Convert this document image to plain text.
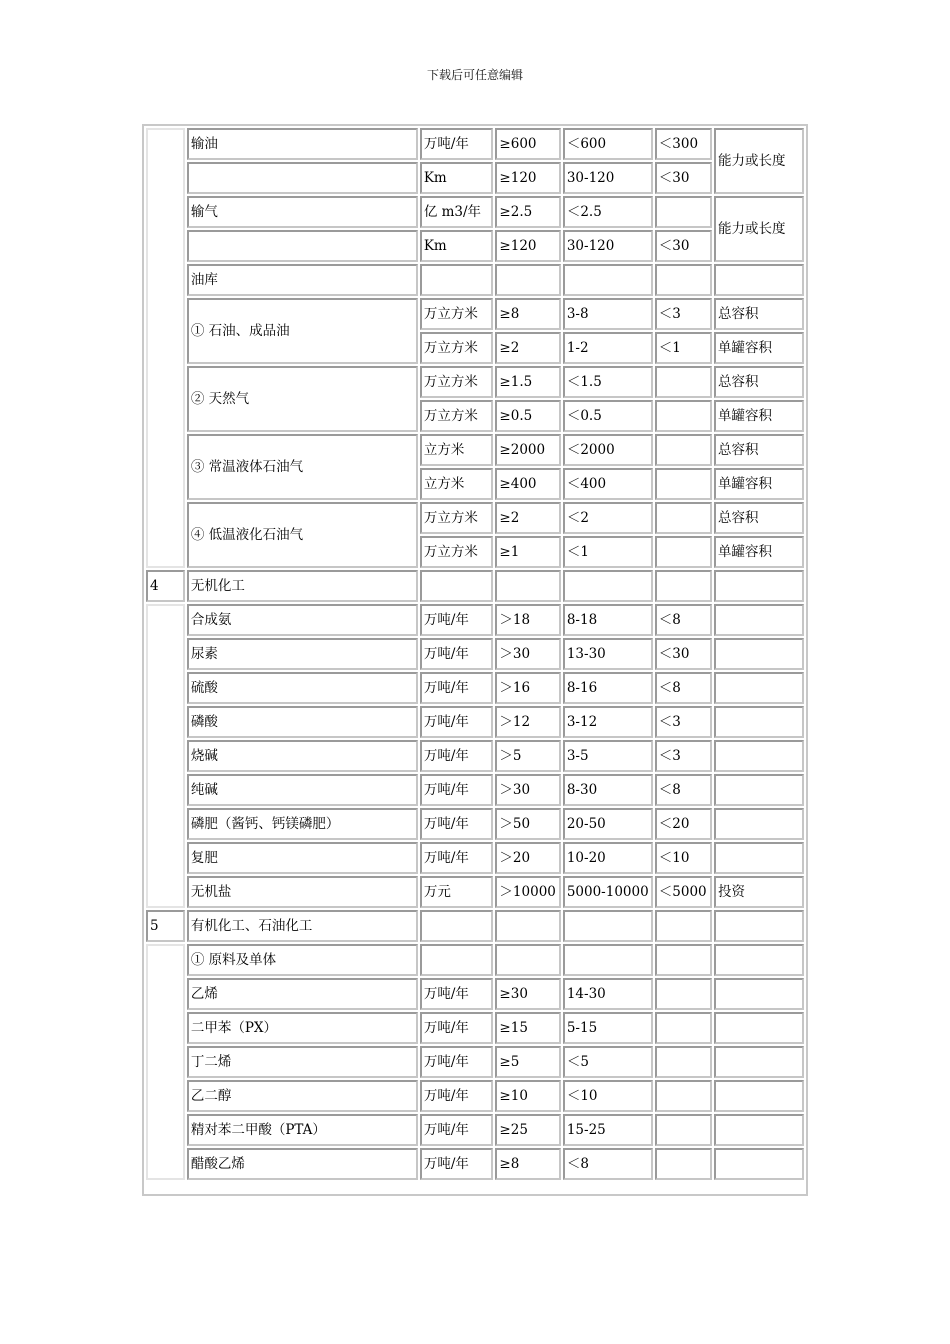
下载后可任意编辑
	输油	万吨/年	≥600	＜600	＜300	能力或长度
		Km	≥120	30-120	＜30	
	输气	亿 m3/年	≥2.5	＜2.5		能力或长度
		Km	≥120	30-120	＜30	
	油库					
	① 石油、成品油	万立方米	≥8	3-8	＜3	总容积
		万立方米	≥2	1-2	＜1	单罐容积
	② 天然气	万立方米	≥1.5	＜1.5		总容积
		万立方米	≥0.5	＜0.5		单罐容积
	③ 常温液体石油气	立方米	≥2000	＜2000		总容积
		立方米	≥400	＜400		单罐容积
	④ 低温液化石油气	万立方米	≥2	＜2		总容积
		万立方米	≥1	＜1		单罐容积
4	无机化工					
	合成氨	万吨/年	＞18	8-18	＜8	
	尿素	万吨/年	＞30	13-30	＜30	
	硫酸	万吨/年	＞16	8-16	＜8	
	磷酸	万吨/年	＞12	3-12	＜3	
	烧碱	万吨/年	＞5	3-5	＜3	
	纯碱	万吨/年	＞30	8-30	＜8	
	磷肥（酱钙、钙镁磷肥）	万吨/年	＞50	20-50	＜20	
	复肥	万吨/年	＞20	10-20	＜10	
	无机盐	万元	＞10000	5000-10000	＜5000	投资
5	有机化工、石油化工					
	① 原料及单体					
	乙烯	万吨/年	≥30	14-30		
	二甲苯（PX）	万吨/年	≥15	5-15		
	丁二烯	万吨/年	≥5	＜5		
	乙二醇	万吨/年	≥10	＜10		
	精对苯二甲酸（PTA）	万吨/年	≥25	15-25		
	醋酸乙烯	万吨/年	≥8	＜8		
